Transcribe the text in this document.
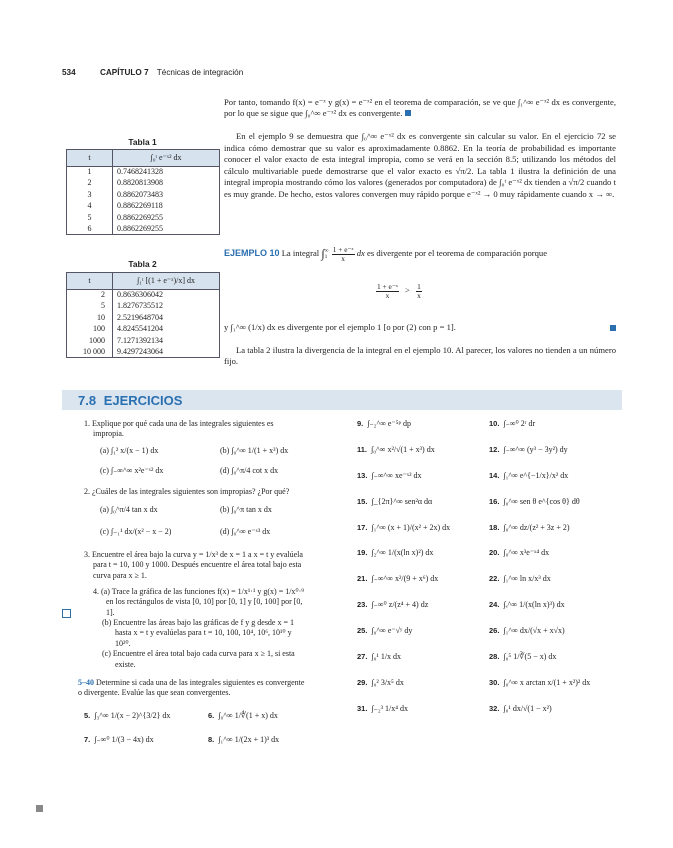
534	CAPÍTULO 7 Técnicas de integración

Por tanto, tomando f(x) = e⁻ˣ y g(x) = e⁻ˣ² en el teorema de comparación, se ve que ∫₁^∞ e⁻ˣ² dx es convergente, por lo que se sigue que ∫₀^∞ e⁻ˣ² dx es convergente.

Tabla 1
t	∫₀ᵗ e⁻ˣ² dx
1	0.7468241328
2	0.8820813908
3	0.8862073483
4	0.8862269118
5	0.8862269255
6	0.8862269255

En el ejemplo 9 se demuestra que ∫₀^∞ e⁻ˣ² dx es convergente sin calcular su valor. En el ejercicio 72 se indica cómo demostrar que su valor es aproximadamente 0.8862. En la teoría de probabilidad es importante conocer el valor exacto de esta integral impropia, como se verá en la sección 8.5; utilizando los métodos del cálculo multivariable puede demostrarse que el valor exacto es √π/2. La tabla 1 ilustra la definición de una integral impropia mostrando cómo los valores (generados por computadora) de ∫₀ᵗ e⁻ˣ² dx tienden a √π/2 cuando t es muy grande. De hecho, estos valores convergen muy rápido porque e⁻ˣ² → 0 muy rápidamente cuando x → ∞.

Tabla 2
t	∫₁ᵗ [(1 + e⁻ˣ)/x] dx
2	0.8636306042
5	1.8276735512
10	2.5219648704
100	4.8245541204
1000	7.1271392134
10 000	9.4297243064
EJEMPLO 10 La integral ∫ ∞
1
$\frac{\text{1 + e⁻ˣ}}{x}$ dx es divergente por el teorema de comparación porque
$\frac{\text{1 + e⁻ˣ}}{x} > \frac{1}{x}$
y ∫₁^∞ (1/x) dx es divergente por el ejemplo 1 [o por (2) con p = 1].

La tabla 2 ilustra la divergencia de la integral en el ejemplo 10. Al parecer, los valores no tienden a un número fijo.

7.8 EJERCICIOS

1. Explique por qué cada una de las integrales siguientes es impropia.

(a) ∫₁² x/(x − 1) dx	(b) ∫₀^∞ 1/(1 + x³) dx
(c) ∫₋∞^∞ x²e⁻ˣ² dx	(d) ∫₀^π/4 cot x dx

2. ¿Cuáles de las integrales siguientes son impropias? ¿Por qué?

(a) ∫₀^π/4 tan x dx	(b) ∫₀^π tan x dx
(c) ∫₋₁¹ dx/(x² − x − 2)	(d) ∫₀^∞ e⁻ˣ³ dx

3. Encuentre el área bajo la curva y = 1/x³ de x = 1 a x = t y evalúela para t = 10, 100 y 1000. Después encuentre el área total bajo esta curva para x ≥ 1.

4. (a) Trace la gráfica de las funciones f(x) = 1/x¹·¹ y g(x) = 1/x⁰·⁹ en los rectángulos de vista [0, 10] por [0, 1] y [0, 100] por [0, 1].

(b) Encuentre las áreas bajo las gráficas de f y g desde x = 1 hasta x = t y evalúelas para t = 10, 100, 10⁴, 10⁶, 10¹⁰ y 10²⁰.

(c) Encuentre el área total bajo cada curva para x ≥ 1, si esta existe.

5–40 Determine si cada una de las integrales siguientes es convergente o divergente. Evalúe las que sean convergentes.

5. ∫₃^∞ 1/(x − 2)^{3/2} dx	6. ∫₀^∞ 1/∜(1 + x) dx
7. ∫₋∞⁰ 1/(3 − 4x) dx	8. ∫₁^∞ 1/(2x + 1)³ dx
9. ∫₋₂^∞ e⁻⁵ᵖ dp	10. ∫₋∞⁰ 2ʳ dr
11. ∫₀^∞ x²/√(1 + x³) dx	12. ∫₋∞^∞ (y³ − 3y²) dy
13. ∫₋∞^∞ xe⁻ˣ² dx	14. ∫₁^∞ e^{−1/x}/x² dx
15. ∫_{2π}^∞ sen²α dα	16. ∫₀^∞ sen θ e^{cos θ} dθ
17. ∫₁^∞ (x + 1)/(x² + 2x) dx	18. ∫₀^∞ dz/(z² + 3z + 2)
19. ∫₂^∞ 1/(x(ln x)²) dx	20. ∫₀^∞ x³e⁻ˣ⁴ dx
21. ∫₋∞^∞ x²/(9 + x⁶) dx	22. ∫₁^∞ ln x/x³ dx
23. ∫₋∞⁰ z/(z⁴ + 4) dz	24. ∫ₑ^∞ 1/(x(ln x)³) dx
25. ∫₀^∞ e⁻√ʸ dy	26. ∫₁^∞ dx/(√x + x√x)
27. ∫₀¹ 1/x dx	28. ∫₀⁵ 1/∛(5 − x) dx
29. ∫₀² 3/x⁵ dx	30. ∫₀^∞ x arctan x/(1 + x²)² dx
31. ∫₋₂³ 1/x⁴ dx	32. ∫₀¹ dx/√(1 − x²)
